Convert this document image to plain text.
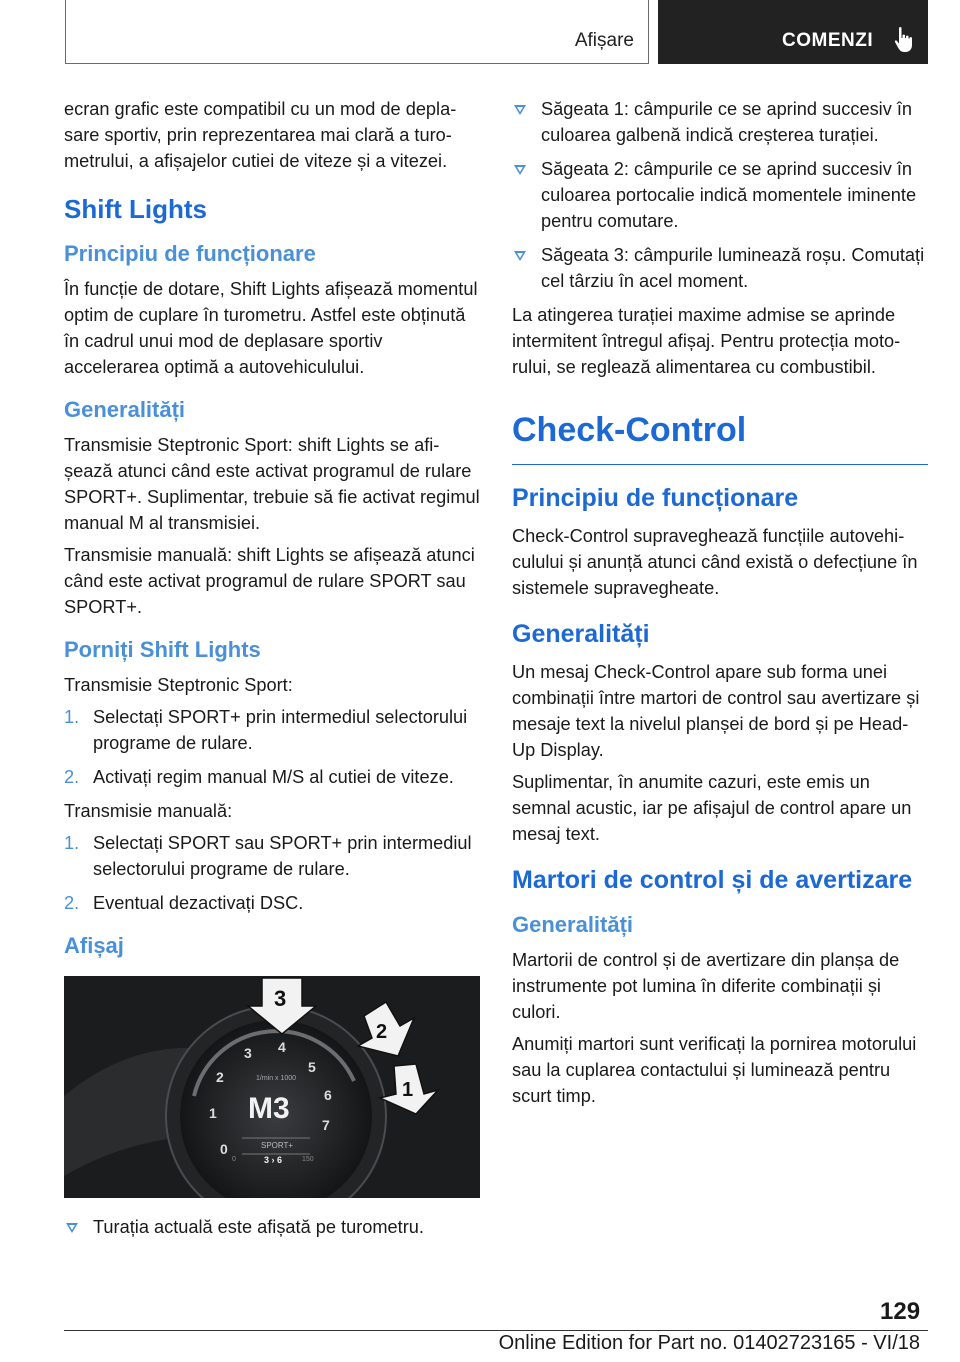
Afișare	COMENZI

ecran grafic este compatibil cu un mod de deplasare sportiv, prin reprezentarea mai clară a turometrului, a afișajelor cutiei de viteze și a vitezei.

Shift Lights
Principiu de funcționare

În funcție de dotare, Shift Lights afișează momentul optim de cuplare în turometru. Astfel este obținută în cadrul unui mod de deplasare sportiv accelerarea optimă a autovehiculului.

Generalități

Transmisie Steptronic Sport: shift Lights se afișează atunci când este activat programul de rulare SPORT+. Suplimentar, trebuie să fie activat regimul manual M al transmisiei.

Transmisie manuală: shift Lights se afișează atunci când este activat programul de rulare SPORT sau SPORT+.

Porniți Shift Lights

Transmisie Steptronic Sport:

1. Selectați SPORT+ prin intermediul selectorului programe de rulare.
2. Activați regim manual M/S al cutiei de viteze.

Transmisie manuală:

1. Selectați SPORT sau SPORT+ prin intermediul selectorului programe de rulare.
2. Eventual dezactivați DSC.
Afișaj
0
1
2
3 4
5
6
7
1/min x 1000
M3
SPORT+
3 › 6
0	150
3
2
1
Turația actuală este afișată pe turometru.
Săgeata 1: câmpurile ce se aprind succesiv în culoarea galbenă indică creșterea turației.
Săgeata 2: câmpurile ce se aprind succesiv în culoarea portocalie indică momentele iminente pentru comutare.
Săgeata 3: câmpurile luminează roșu. Comutați cel târziu în acel moment.

La atingerea turației maxime admise se aprinde intermitent întregul afișaj. Pentru protecția motorului, se reglează alimentarea cu combustibil.

Check-Control
Principiu de funcționare

Check-Control supraveghează funcțiile autovehiculului și anunță atunci când există o defecțiune în sistemele supravegheate.

Generalități

Un mesaj Check-Control apare sub forma unei combinații între martori de control sau avertizare și mesaje text la nivelul planșei de bord și pe Head-Up Display.

Suplimentar, în anumite cazuri, este emis un semnal acustic, iar pe afișajul de control apare un mesaj text.

Martori de control și de avertizare
Generalități

Martorii de control și de avertizare din planșa de instrumente pot lumina în diferite combinații și culori.

Anumiți martori sunt verificați la pornirea motorului sau la cuplarea contactului și luminează pentru scurt timp.

129
Online Edition for Part no. 01402723165 - VI/18
